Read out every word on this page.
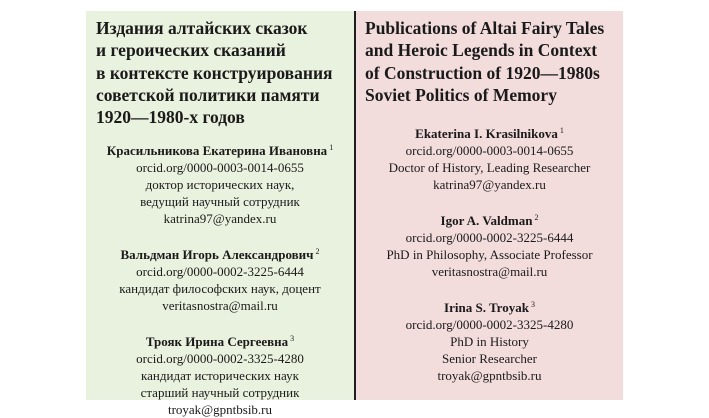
Издания алтайских сказок
и героических сказаний
в контексте конструирования
советской политики памяти
1920—1980-х годов
Красильникова Екатерина Ивановна $^1$
orcid.org/0000-0003-0014-0655
доктор исторических наук,
ведущий научный сотрудник
katrina97@yandex.ru
Вальдман Игорь Александрович $^2$
orcid.org/0000-0002-3225-6444
кандидат философских наук, доцент
veritasnostra@mail.ru
Трояк Ирина Сергеевна $^3$
orcid.org/0000-0002-3325-4280
кандидат исторических наук
старший научный сотрудник
troyak@gpntbsib.ru
Publications of Altai Fairy Tales
and Heroic Legends in Context
of Construction of 1920—1980s
Soviet Politics of Memory
Ekaterina I. Krasilnikova $^1$
orcid.org/0000-0003-0014-0655
Doctor of History, Leading Researcher
katrina97@yandex.ru
Igor A. Valdman $^2$
orcid.org/0000-0002-3225-6444
PhD in Philosophy, Associate Professor
veritasnostra@mail.ru
Irina S. Troyak $^3$
orcid.org/0000-0002-3325-4280
PhD in History
Senior Researcher
troyak@gpntbsib.ru
